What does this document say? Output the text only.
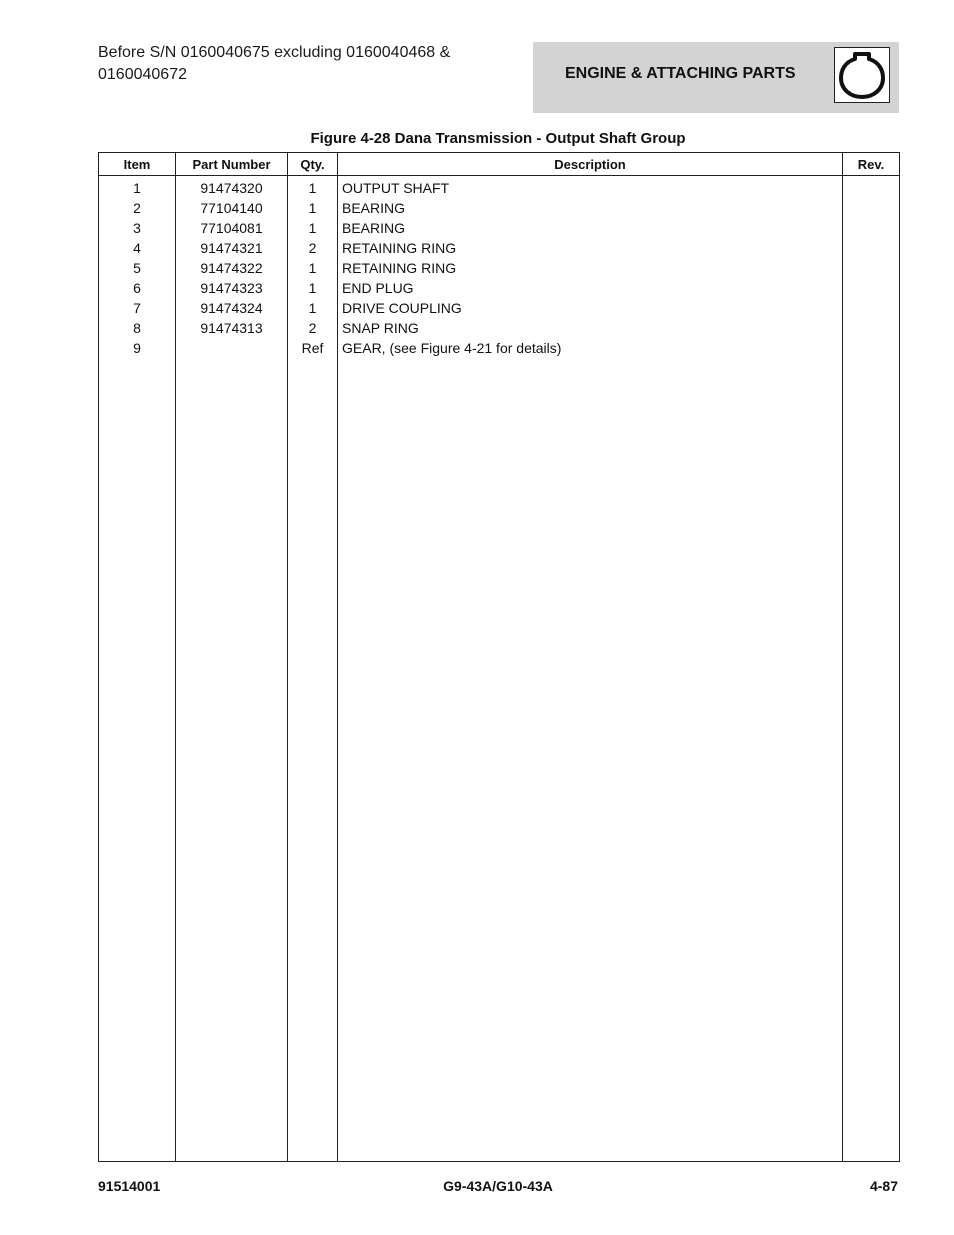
Before S/N 0160040675 excluding 0160040468 & 0160040672	ENGINE & ATTACHING PARTS
Figure 4-28 Dana Transmission - Output Shaft Group
Item	Part Number	Qty.	Description	Rev.
1	91474320	1	OUTPUT SHAFT	
2	77104140	1	BEARING	
3	77104081	1	BEARING	
4	91474321	2	RETAINING RING	
5	91474322	1	RETAINING RING	
6	91474323	1	END PLUG	
7	91474324	1	DRIVE COUPLING	
8	91474313	2	SNAP RING	
9		Ref	GEAR, (see Figure 4-21 for details)	

G9-43A/G10-43A
91514001	4-87
